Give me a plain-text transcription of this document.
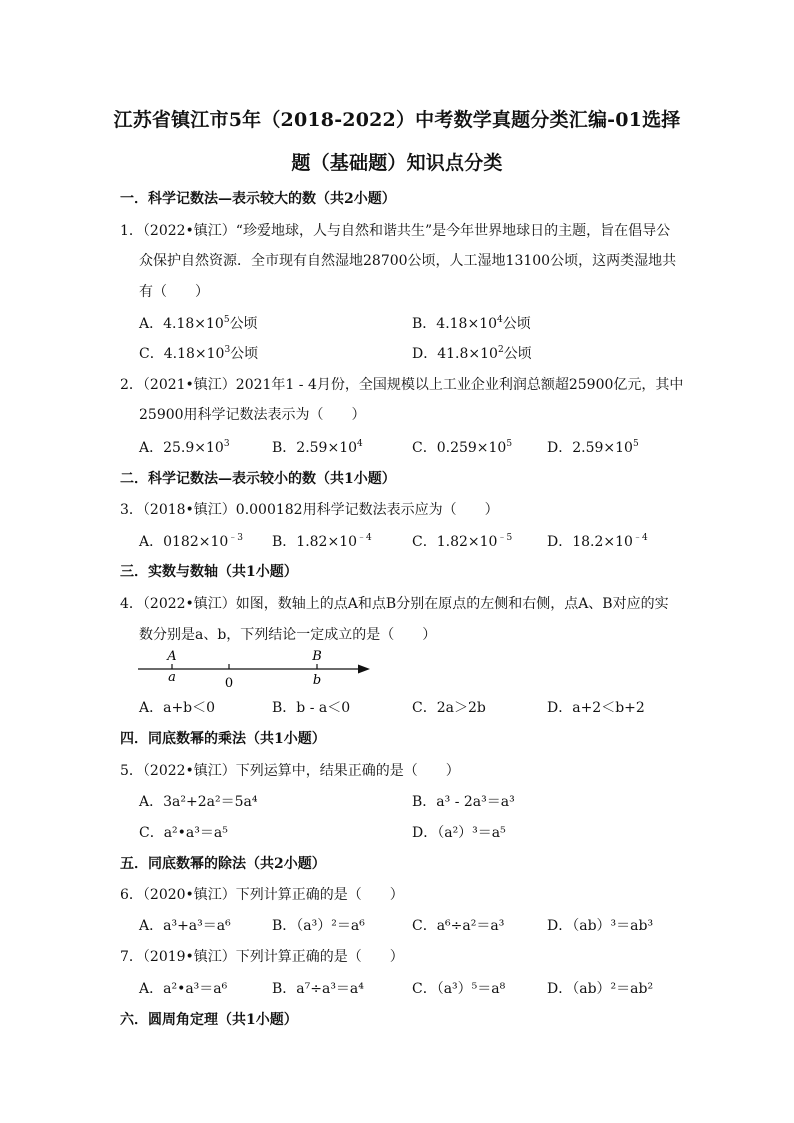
江苏省镇江市5年（2018-2022）中考数学真题分类汇编-01选择
题（基础题）知识点分类
一．科学记数法—表示较大的数（共2小题）
1．（2022•镇江）“珍爱地球，人与自然和谐共生”是今年世界地球日的主题，旨在倡导公
众保护自然资源．全市现有自然湿地28700公顷，人工湿地13100公顷，这两类湿地共
有（　　）
A．$4.18\times 10^5$公顷	B．$4.18\times 10^4$公顷
C．$4.18\times 10^3$公顷	D．$41.8\times 10^2$公顷
2．（2021•镇江）2021年1 - 4月份，全国规模以上工业企业利润总额超25900亿元，其中
25900用科学记数法表示为（　　）
A．$25.9\times 10^3$	B．$2.59\times 10^4$	C．$0.259\times 10^5$ D．$2.59\times 10^5$
二．科学记数法—表示较小的数（共1小题）
3．（2018•镇江）0.000182用科学记数法表示应为（　　）
A．$0182\times 10^{﹣3}$ B．$1.82\times 10^{﹣4}$	C．$1.82\times 10^{﹣5}$ D．$18.2\times 10^{﹣4}$
三．实数与数轴（共1小题）
4．（2022•镇江）如图，数轴上的点A和点B分别在原点的左侧和右侧，点A、B对应的实
数分别是a、b，下列结论一定成立的是（　　）
A
a	0
B
b
A．a+b＜0	B．b - a＜0	C．2a＞2b	D．a+2＜b+2
四．同底数幂的乘法（共1小题）
5．（2022•镇江）下列运算中，结果正确的是（　　）
A．3a²+2a²＝5a⁴	B．a³ - 2a³＝a³
C．a²•a³＝a⁵	D．（a²）³＝a⁵
五．同底数幂的除法（共2小题）
6．（2020•镇江）下列计算正确的是（　　）
A．a³+a³＝a⁶	B．（a³）²＝a⁶	C．a⁶÷a²＝a³	D．（ab）³＝ab³
7．（2019•镇江）下列计算正确的是（　　）
A．a²•a³＝a⁶	B．a⁷÷a³＝a⁴	C．（a³）⁵＝a⁸	D．（ab）²＝ab²
六．圆周角定理（共1小题）
